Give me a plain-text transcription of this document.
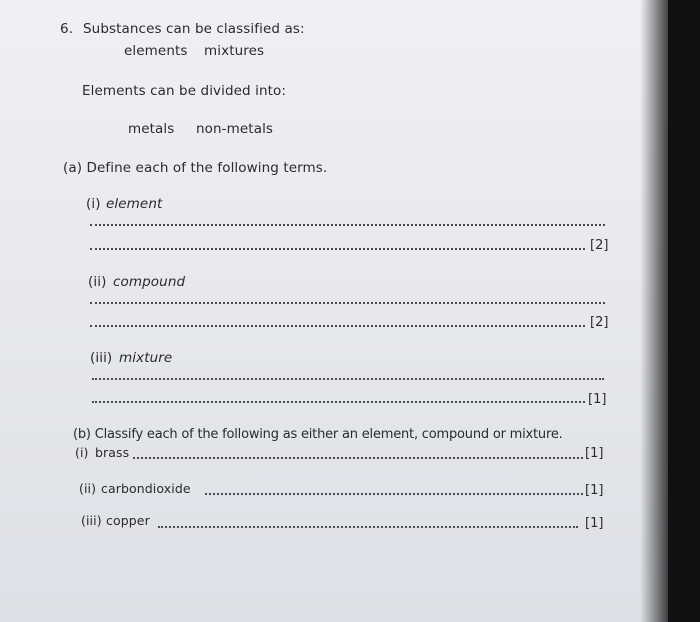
6. Substances can be classified as:
elements mixtures
Elements can be divided into:
metals non-metals
(a) Define each of the following terms.
(i) element
[2]
(ii) compound
[2]
(iii) mixture
[1]
(b) Classify each of the following as either an element, compound or mixture.
(i) brass	[1]
(ii) carbondioxide	[1]
(iii) copper	[1]
